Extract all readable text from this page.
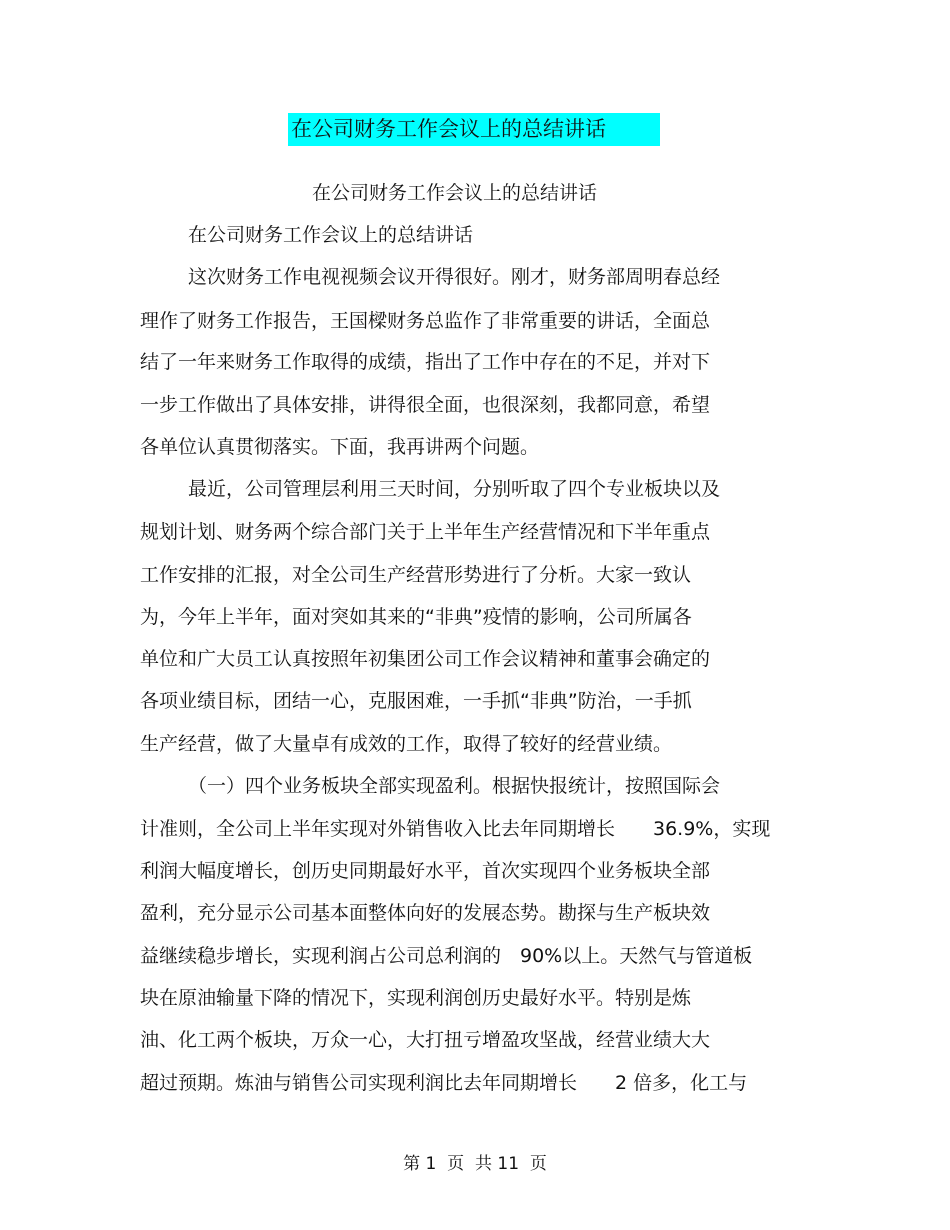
在公司财务工作会议上的总结讲话
在公司财务工作会议上的总结讲话
在公司财务工作会议上的总结讲话
这次财务工作电视视频会议开得很好。刚才，财务部周明春总经
理作了财务工作报告，王国樑财务总监作了非常重要的讲话，全面总
结了一年来财务工作取得的成绩，指出了工作中存在的不足，并对下
一步工作做出了具体安排，讲得很全面，也很深刻，我都同意，希望
各单位认真贯彻落实。下面，我再讲两个问题。
最近，公司管理层利用三天时间，分别听取了四个专业板块以及
规划计划、财务两个综合部门关于上半年生产经营情况和下半年重点
工作安排的汇报，对全公司生产经营形势进行了分析。大家一致认
为，今年上半年，面对突如其来的“非典”疫情的影响，公司所属各
单位和广大员工认真按照年初集团公司工作会议精神和董事会确定的
各项业绩目标，团结一心，克服困难，一手抓“非典”防治，一手抓
生产经营，做了大量卓有成效的工作，取得了较好的经营业绩。
（一）四个业务板块全部实现盈利。根据快报统计，按照国际会
计准则，全公司上半年实现对外销售收入比去年同期增长　　36.9%，实现
利润大幅度增长，创历史同期最好水平，首次实现四个业务板块全部
盈利，充分显示公司基本面整体向好的发展态势。勘探与生产板块效
益继续稳步增长，实现利润占公司总利润的　90%以上。天然气与管道板
块在原油输量下降的情况下，实现利润创历史最好水平。特别是炼
油、化工两个板块，万众一心，大打扭亏增盈攻坚战，经营业绩大大
超过预期。炼油与销售公司实现利润比去年同期增长　　2 倍多，化工与
第 1  页  共 11  页
